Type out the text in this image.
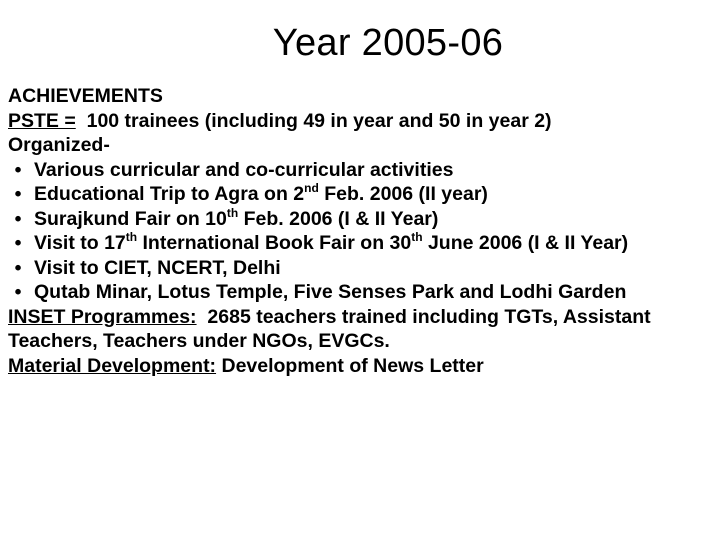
Year 2005-06
ACHIEVEMENTS
PSTE = 100 trainees (including 49 in year and 50 in year 2)
Organized-
• Various curricular and co-curricular activities
• Educational Trip to Agra on 2nd Feb. 2006 (II year)
• Surajkund Fair on 10th Feb. 2006 (I & II Year)
• Visit to 17th International Book Fair on 30th June 2006 (I & II Year)
• Visit to CIET, NCERT, Delhi
• Qutab Minar, Lotus Temple, Five Senses Park and Lodhi Garden
INSET Programmes: 2685 teachers trained including TGTs, Assistant Teachers, Teachers under NGOs, EVGCs.
Material Development: Development of News Letter
